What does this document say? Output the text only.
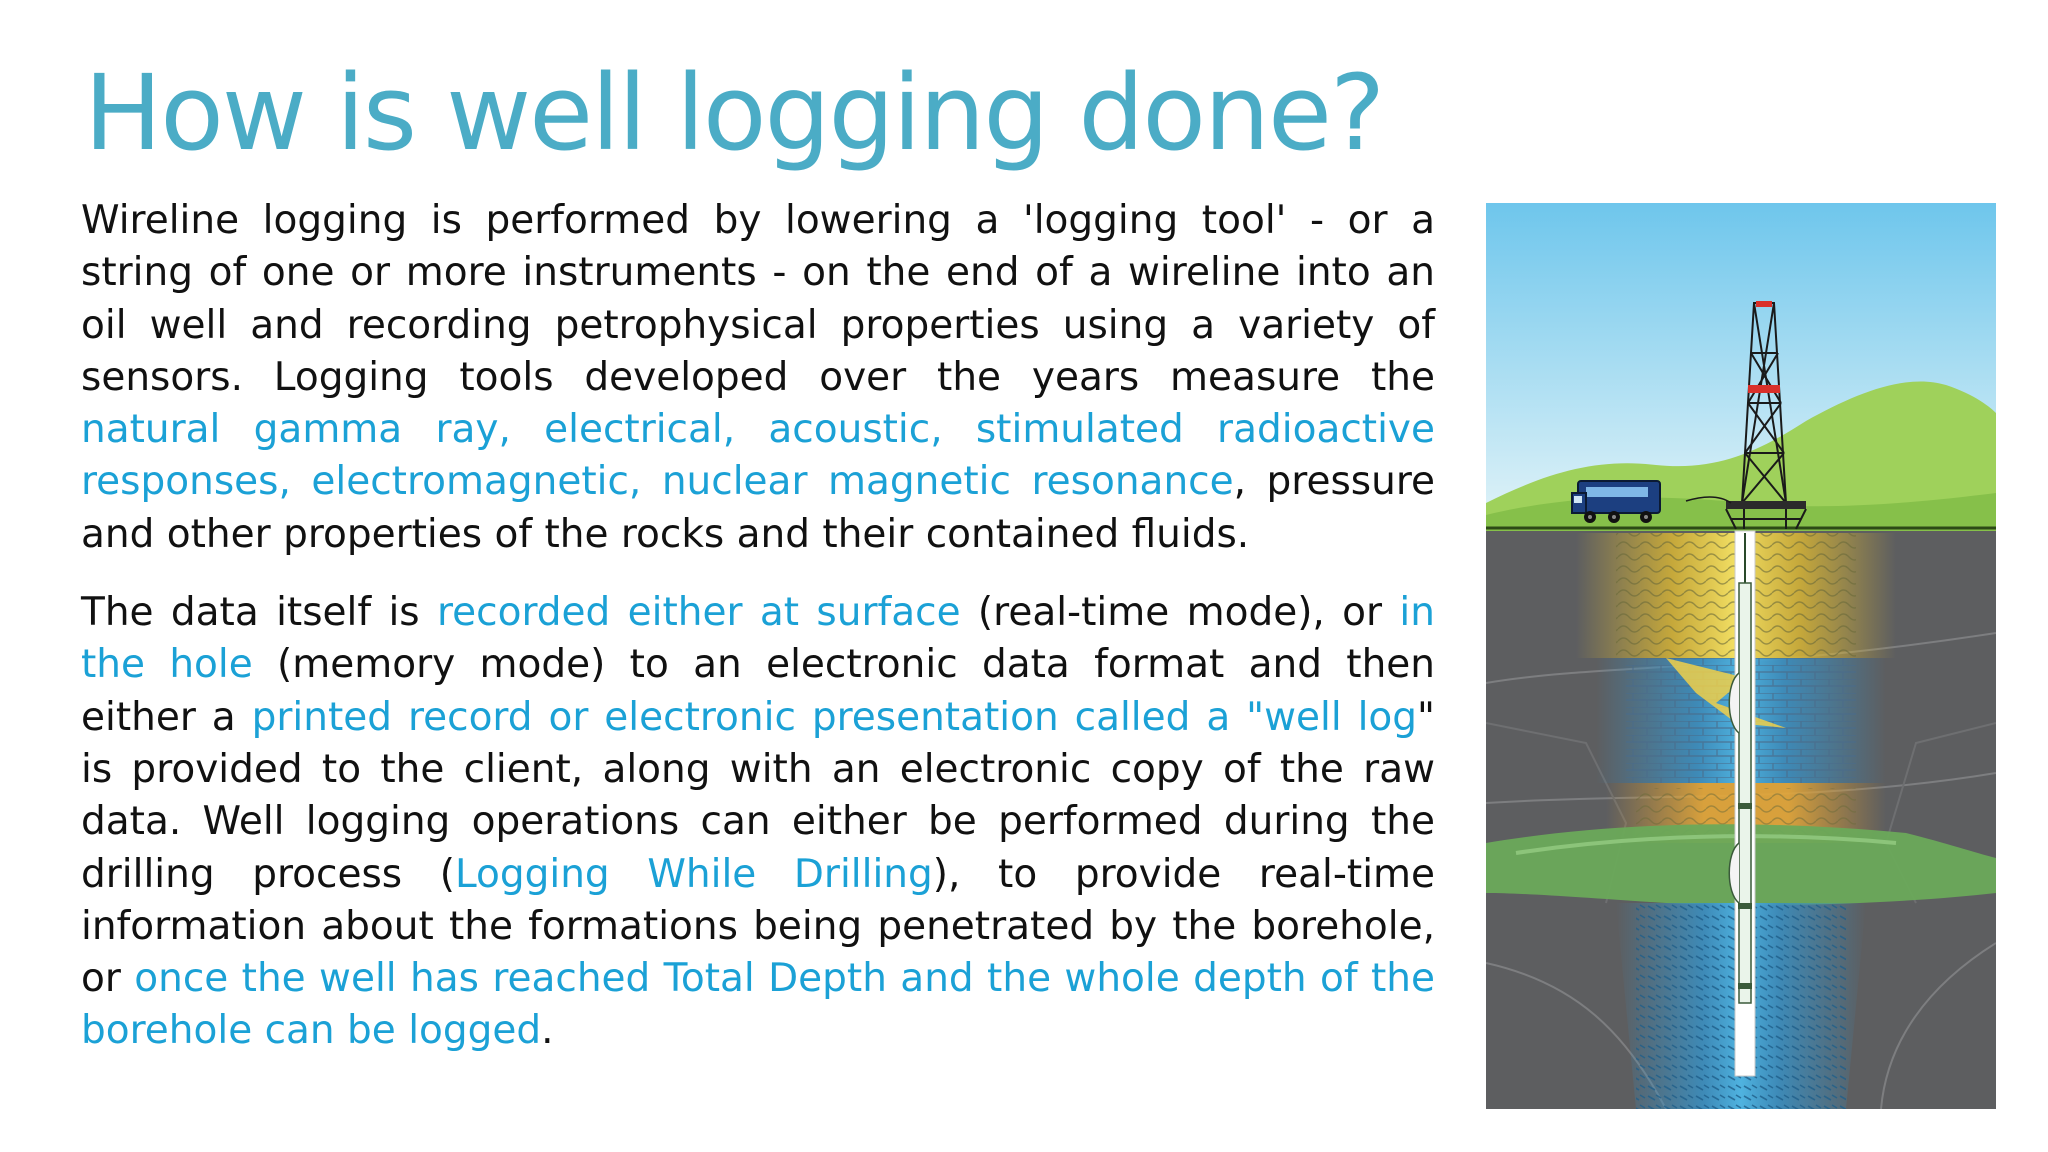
How is well logging done?

Wireline logging is performed by lowering a 'logging tool' - or a string of one or more instruments - on the end of a wireline into an oil well and recording petrophysical properties using a variety of sensors. Logging tools developed over the years measure the natural gamma ray, electrical, acoustic, stimulated radioactive responses, electromagnetic, nuclear magnetic resonance, pressure and other properties of the rocks and their contained fluids.

The data itself is recorded either at surface (real-time mode), or in the hole (memory mode) to an electronic data format and then either a printed record or electronic presentation called a "well log" is provided to the client, along with an electronic copy of the raw data. Well logging operations can either be performed during the drilling process (Logging While Drilling), to provide real-time information about the formations being penetrated by the borehole, or once the well has reached Total Depth and the whole depth of the borehole can be logged.
